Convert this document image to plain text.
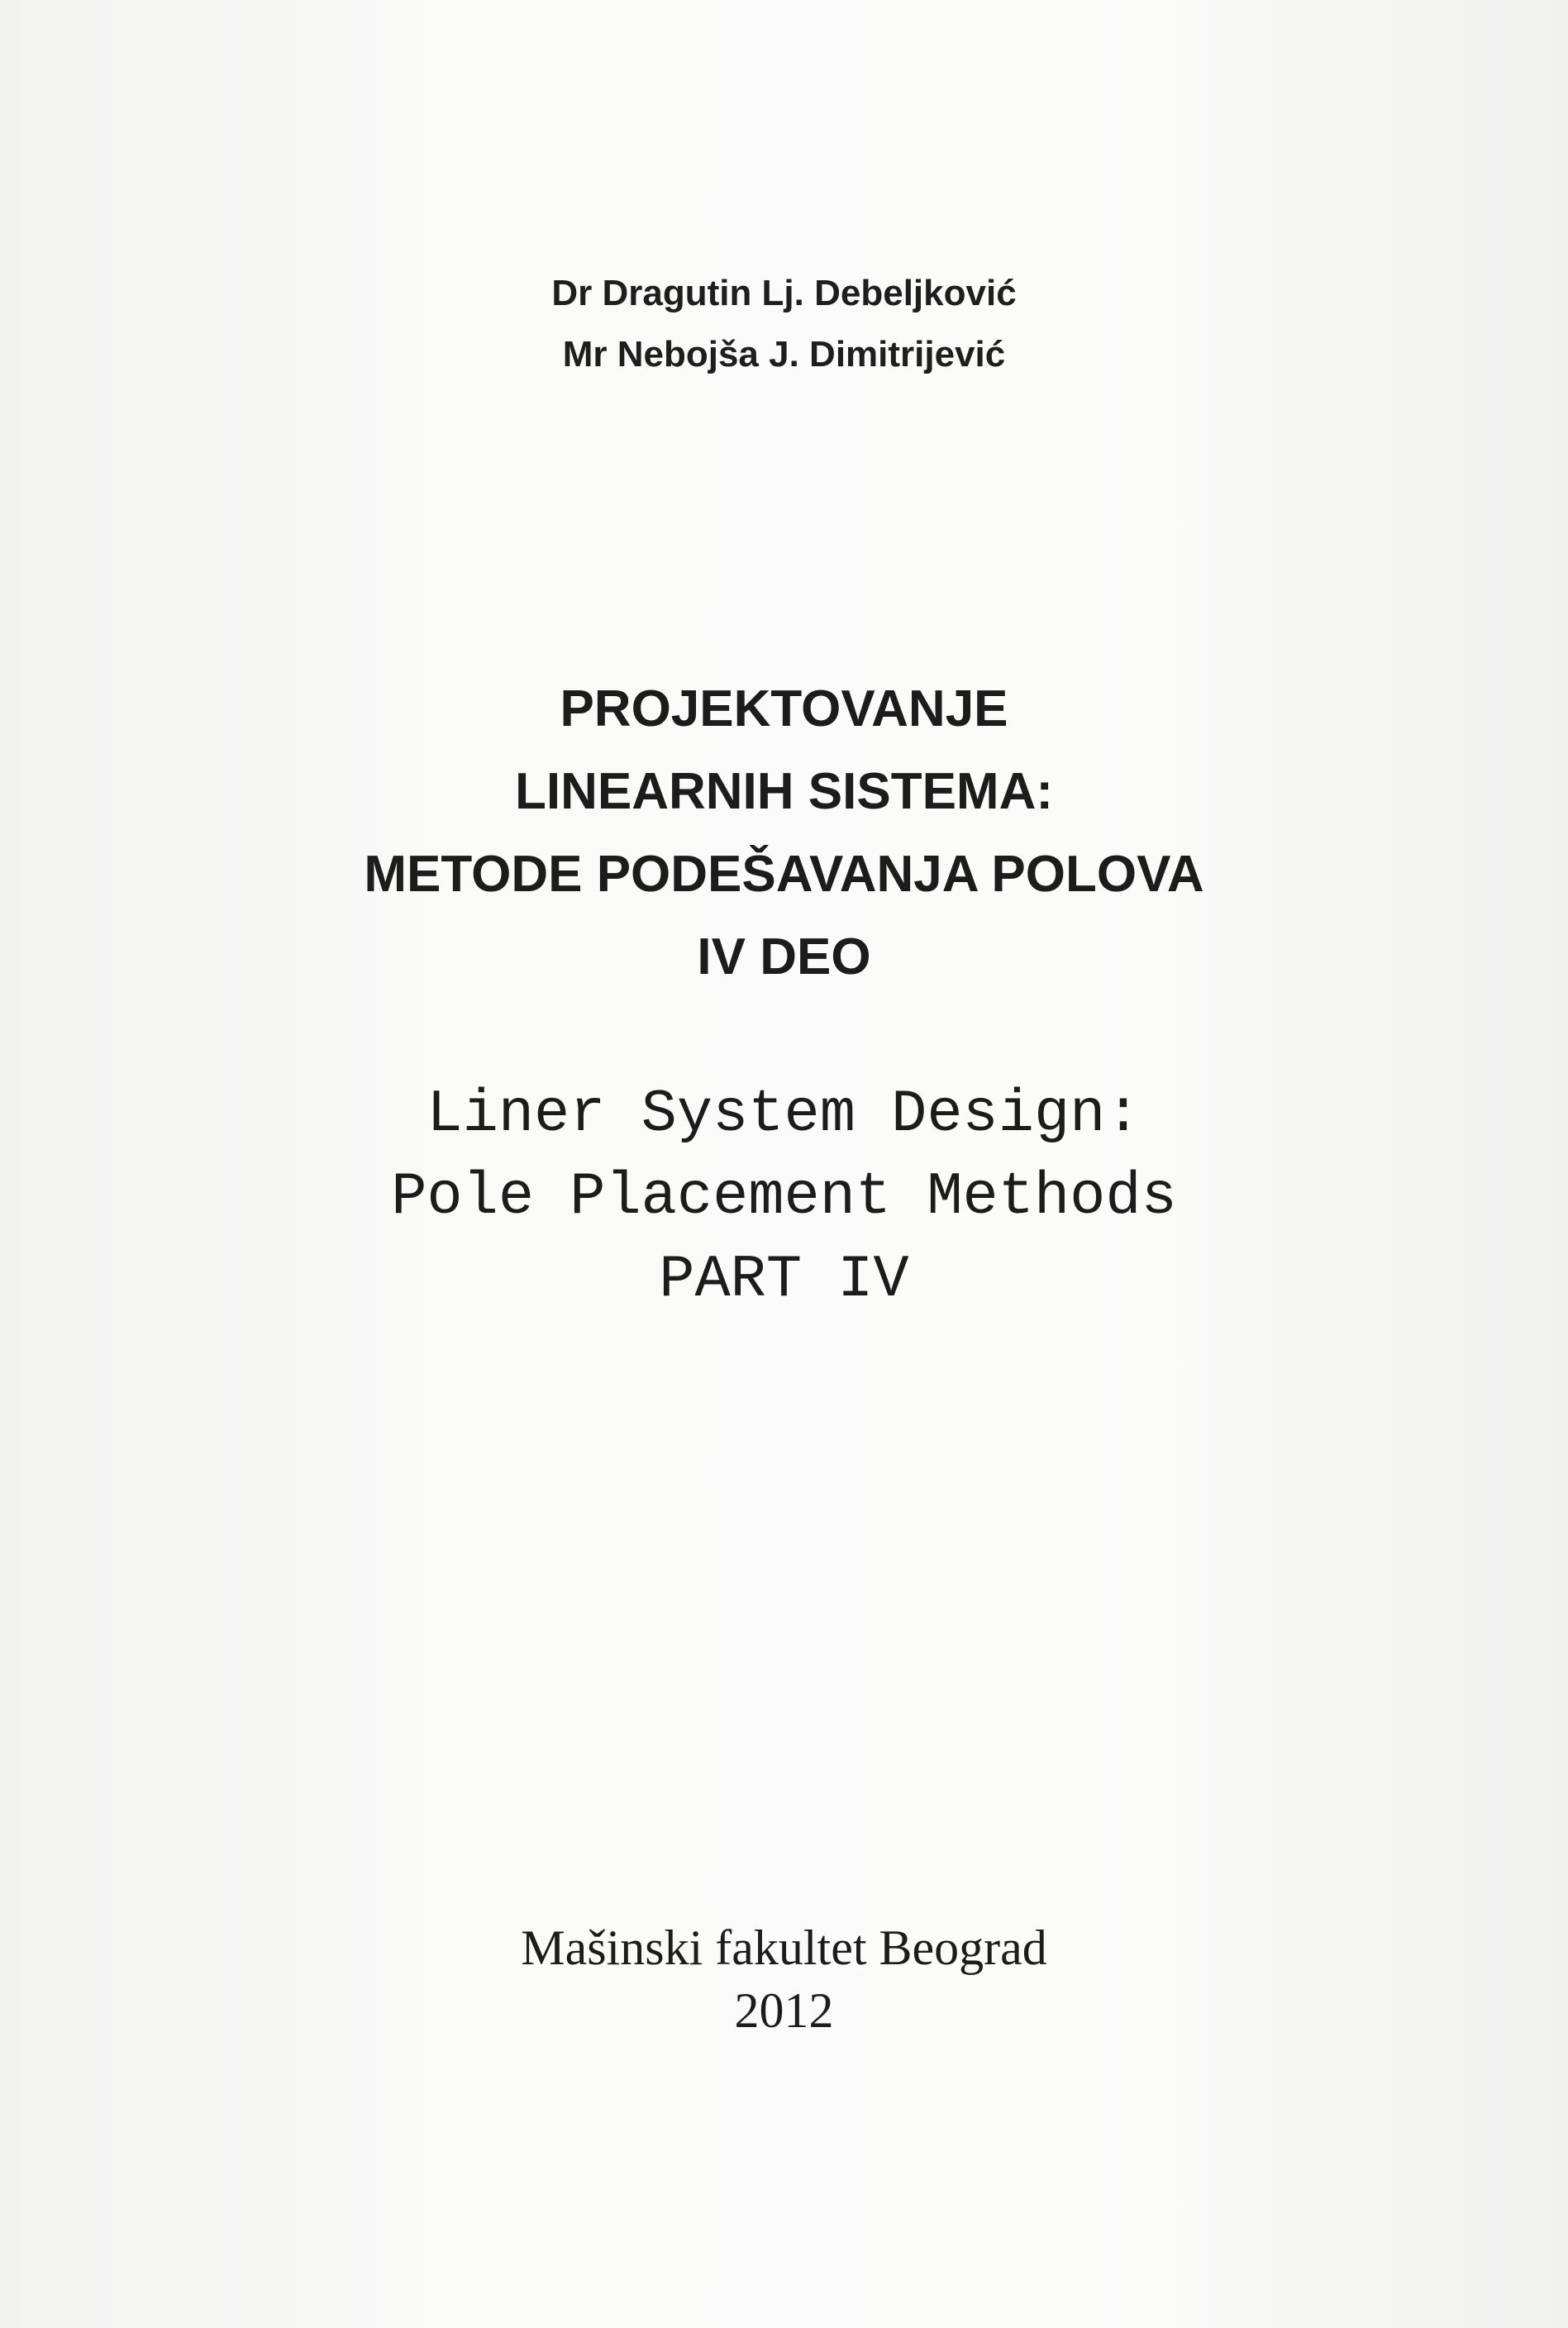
Dr Dragutin Lj. Debeljković
Mr Nebojša J. Dimitrijević
PROJEKTOVANJE
LINEARNIH SISTEMA:
METODE PODEŠAVANJA POLOVA
IV DEO
Liner System Design:
Pole Placement Methods
PART IV
Mašinski fakultet Beograd
2012
